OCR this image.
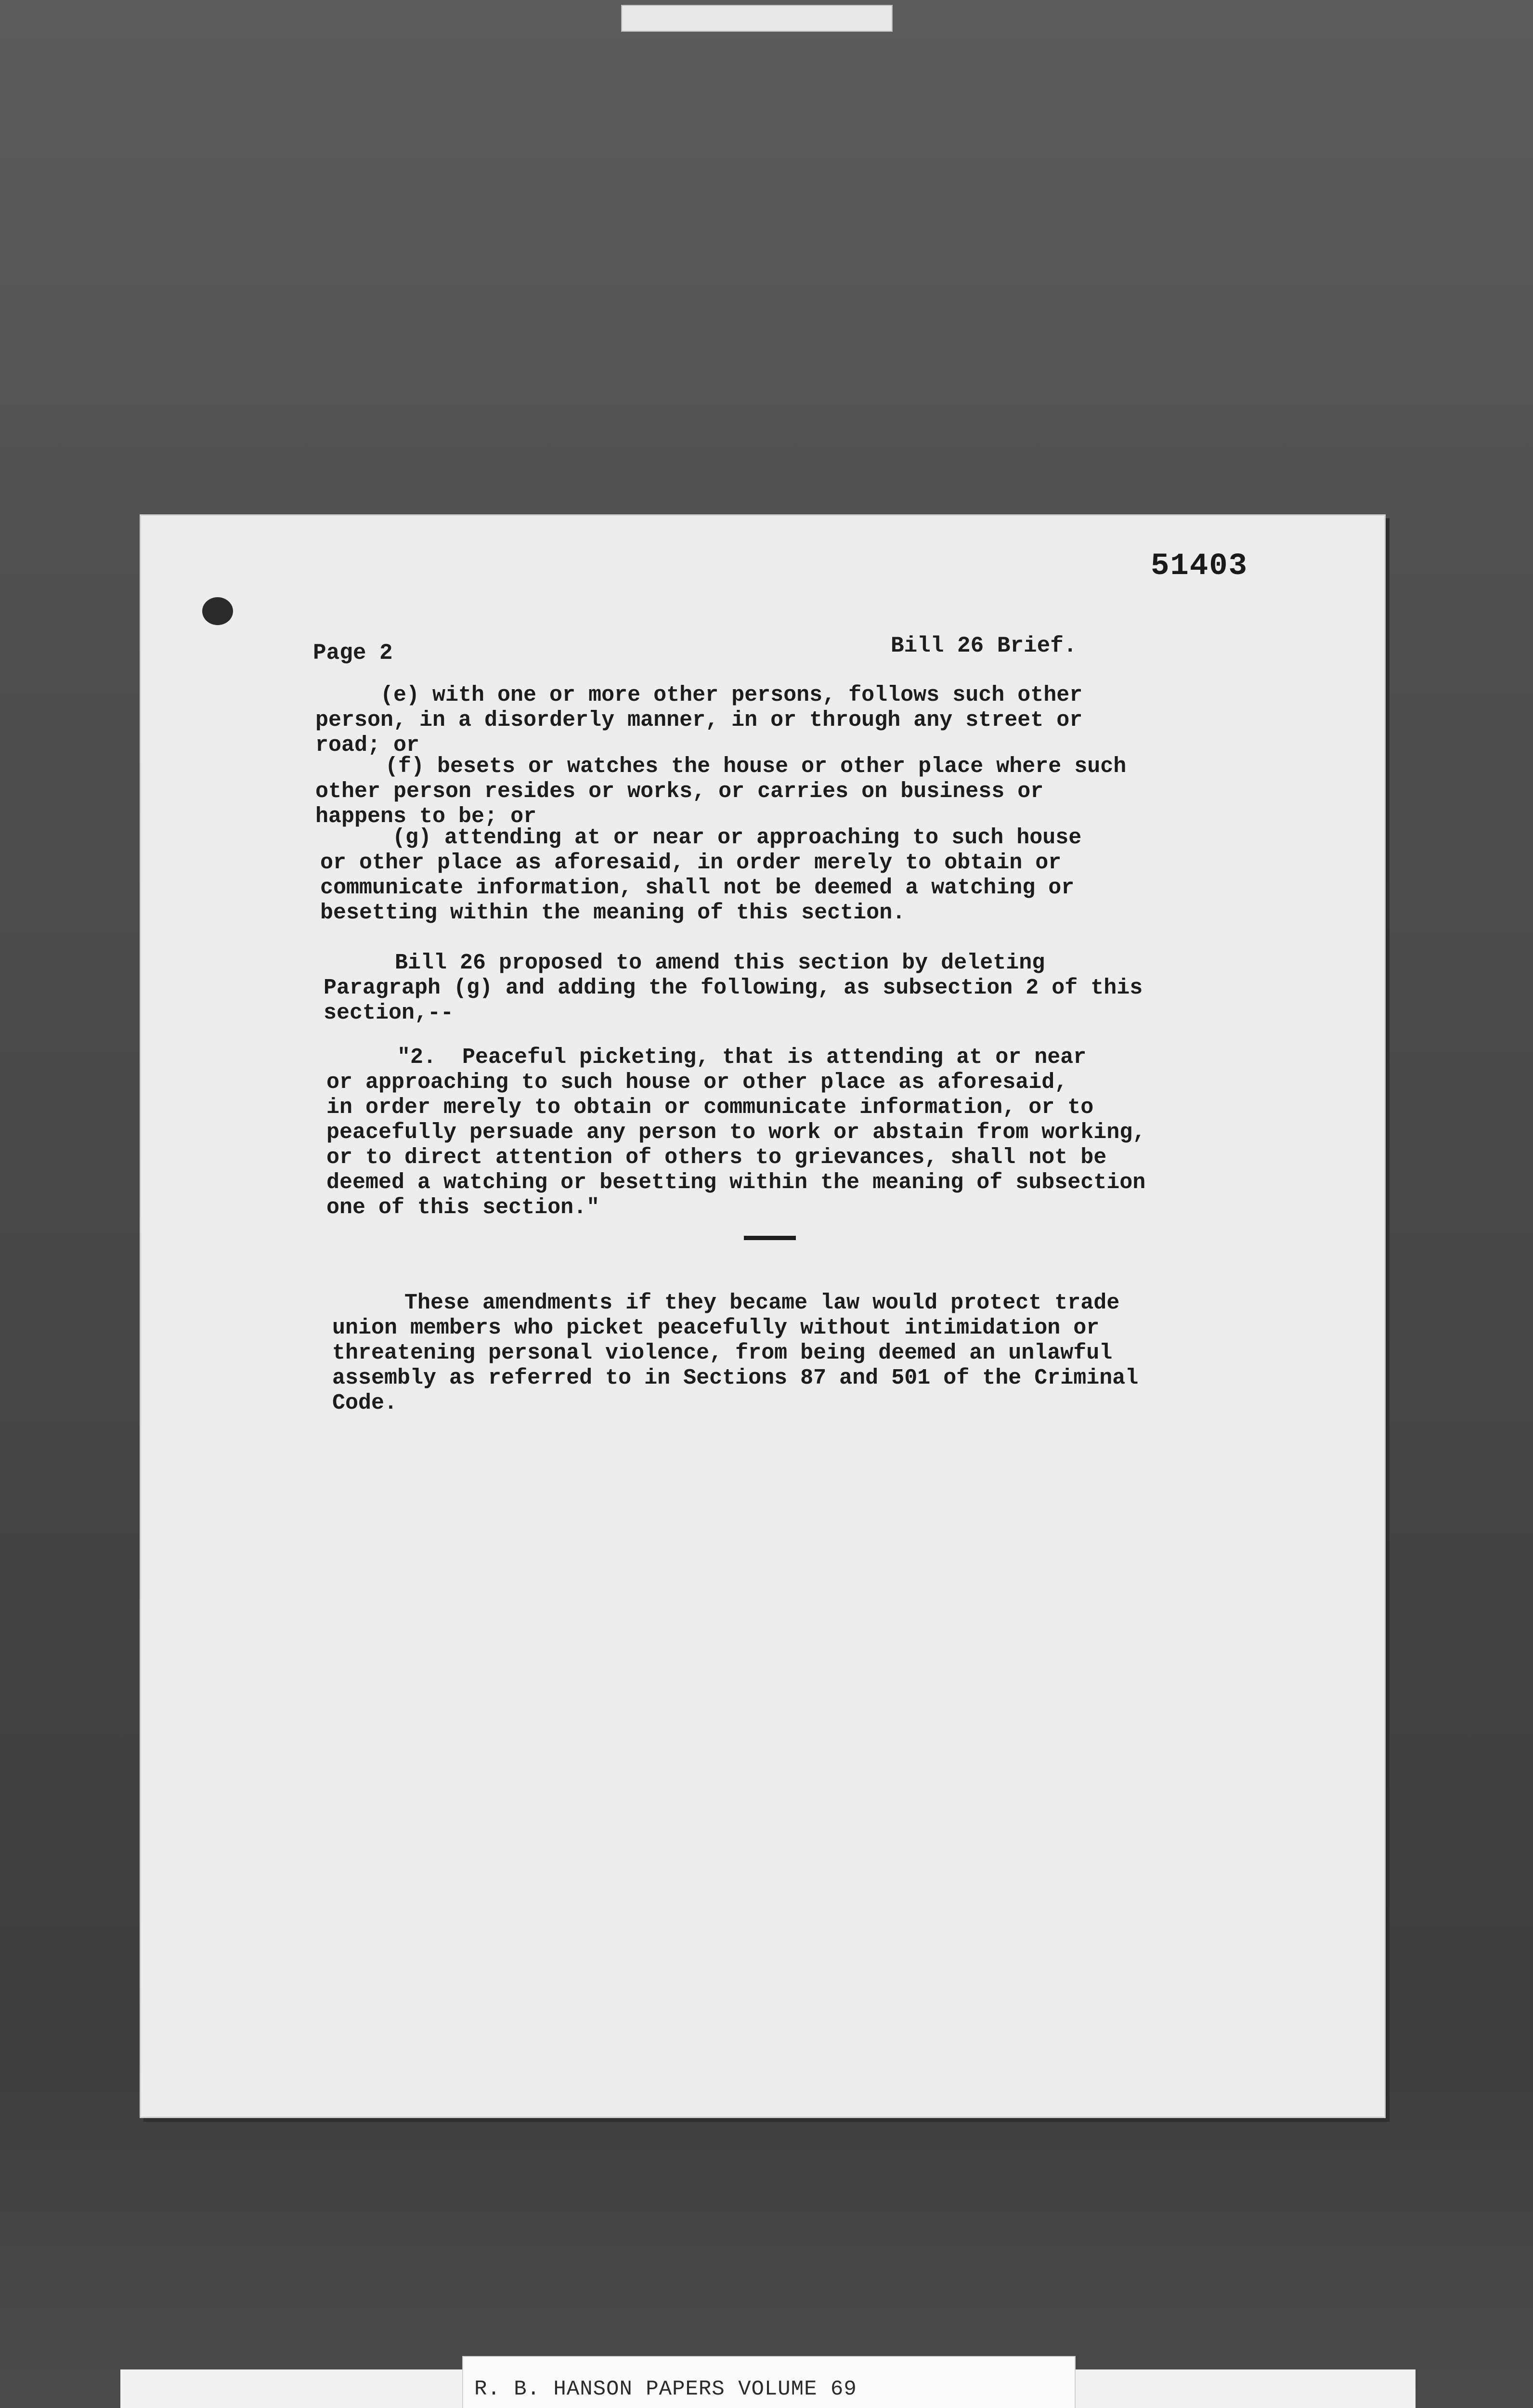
51403
Page 2	Bill 26 Brief.
(e) with one or more other persons, follows such other
person, in a disorderly manner, in or through any street or
road; or
(f) besets or watches the house or other place where such
other person resides or works, or carries on business or
happens to be; or
(g) attending at or near or approaching to such house
or other place as aforesaid, in order merely to obtain or
communicate information, shall not be deemed a watching or
besetting within the meaning of this section.
Bill 26 proposed to amend this section by deleting
Paragraph (g) and adding the following, as subsection 2 of this
section,--
"2.  Peaceful picketing, that is attending at or near
or approaching to such house or other place as aforesaid,
in order merely to obtain or communicate information, or to
peacefully persuade any person to work or abstain from working,
or to direct attention of others to grievances, shall not be
deemed a watching or besetting within the meaning of subsection
one of this section."
These amendments if they became law would protect trade
union members who picket peacefully without intimidation or
threatening personal violence, from being deemed an unlawful
assembly as referred to in Sections 87 and 501 of the Criminal
Code.
R. B. HANSON PAPERS VOLUME 69
